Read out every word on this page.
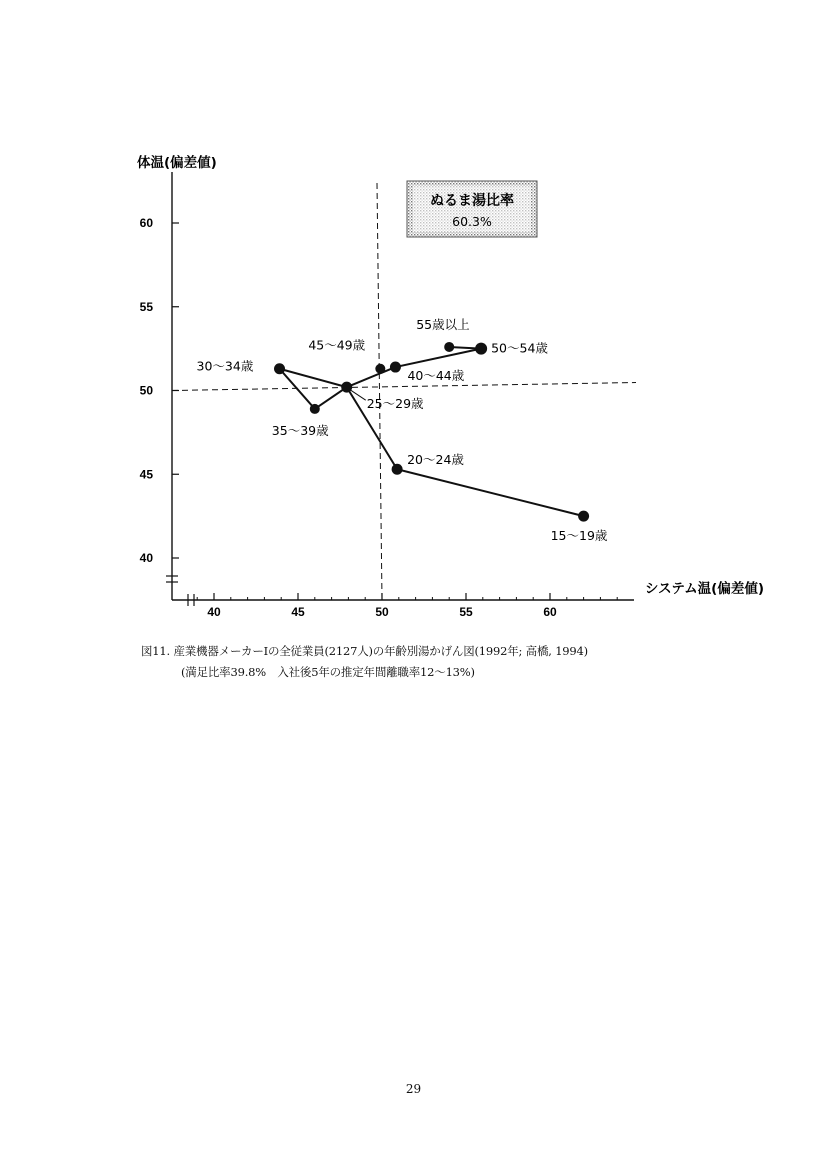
40
45
50
55
60
40	45	50	55	60
ぬるま湯比率
60.3%
体温(偏差値)
システム温(偏差値)
15〜19歳
20〜24歳
25〜29歳
30〜34歳
35〜39歳
40〜44歳
45〜49歳	50〜54歳
55歳以上
図11. 産業機器メーカーIの全従業員(2127人)の年齢別湯かげん図(1992年; 高橋, 1994)
(満足比率39.8%　入社後5年の推定年間離職率12〜13%)
29
